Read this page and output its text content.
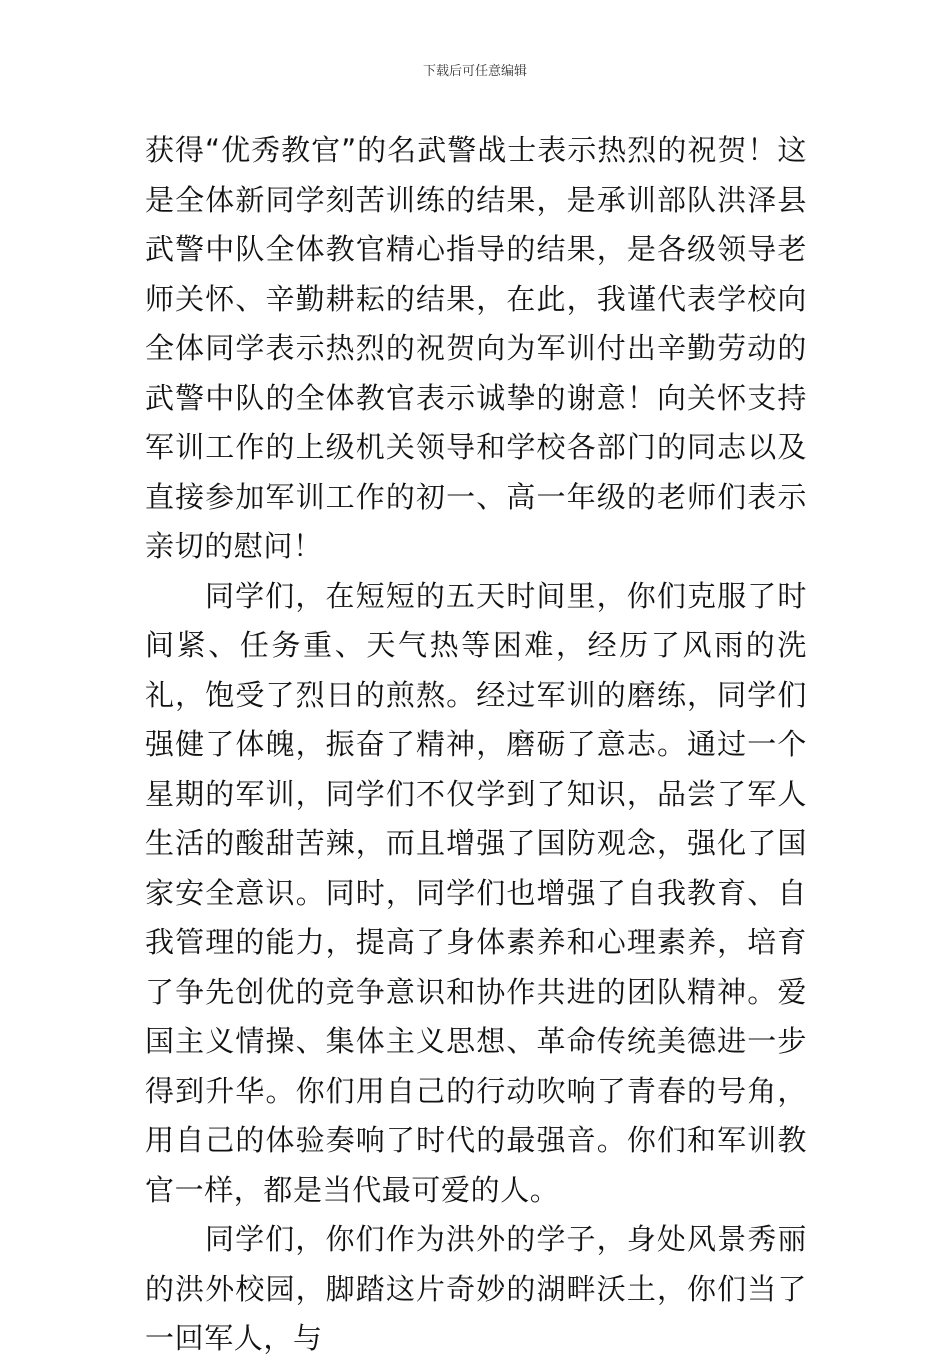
下载后可任意编辑

获得“优秀教官”的名武警战士表示热烈的祝贺！这是全体新同学刻苦训练的结果，是承训部队洪泽县武警中队全体教官精心指导的结果，是各级领导老师关怀、辛勤耕耘的结果，在此，我谨代表学校向全体同学表示热烈的祝贺向为军训付出辛勤劳动的武警中队的全体教官表示诚挚的谢意！向关怀支持军训工作的上级机关领导和学校各部门的同志以及直接参加军训工作的初一、高一年级的老师们表示亲切的慰问！

同学们，在短短的五天时间里，你们克服了时间紧、任务重、天气热等困难，经历了风雨的洗礼，饱受了烈日的煎熬。经过军训的磨练，同学们强健了体魄，振奋了精神，磨砺了意志。通过一个星期的军训，同学们不仅学到了知识，品尝了军人生活的酸甜苦辣，而且增强了国防观念，强化了国家安全意识。同时，同学们也增强了自我教育、自我管理的能力，提高了身体素养和心理素养，培育了争先创优的竞争意识和协作共进的团队精神。爱国主义情操、集体主义思想、革命传统美德进一步得到升华。你们用自己的行动吹响了青春的号角，用自己的体验奏响了时代的最强音。你们和军训教官一样，都是当代最可爱的人。

同学们，你们作为洪外的学子，身处风景秀丽的洪外校园，脚踏这片奇妙的湖畔沃土，你们当了一回军人，与
